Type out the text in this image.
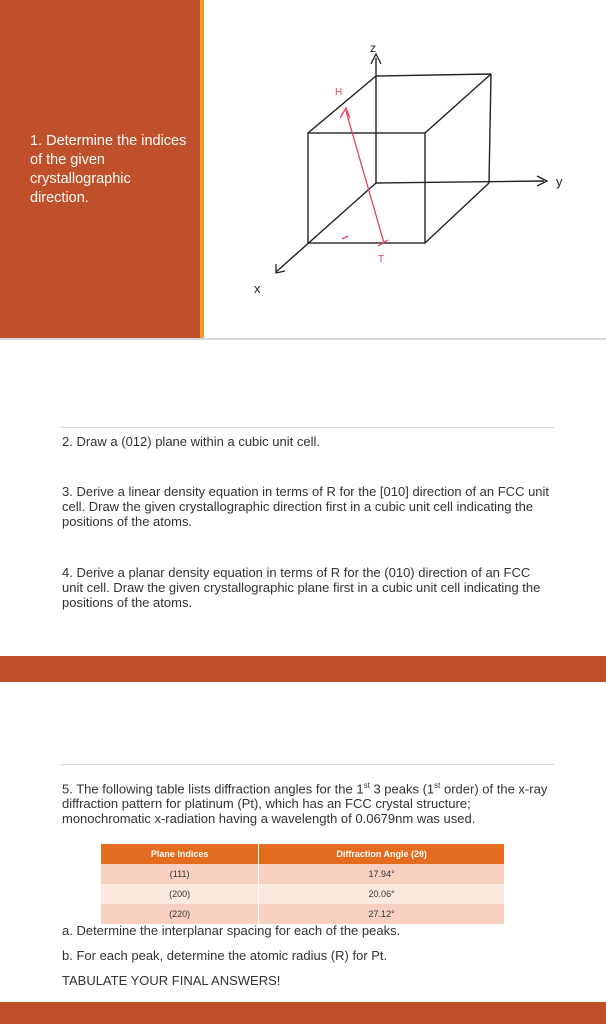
1. Determine the indices of the given crystallographic direction.
z
y
x
H
T
2. Draw a (012) plane within a cubic unit cell.
3. Derive a linear density equation in terms of R for the [010] direction of an FCC unit cell. Draw the given crystallographic direction first in a cubic unit cell indicating the positions of the atoms.
4. Derive a planar density equation in terms of R for the (010) direction of an FCC unit cell. Draw the given crystallographic plane first in a cubic unit cell indicating the positions of the atoms.
5. The following table lists diffraction angles for the 1st 3 peaks (1st order) of the x-ray diffraction pattern for platinum (Pt), which has an FCC crystal structure; monochromatic x-radiation having a wavelength of 0.0679nm was used.
Plane Indices	Diffraction Angle (2θ)
(111)	17.94°
(200)	20.06°
(220)	27.12°
a. Determine the interplanar spacing for each of the peaks.
b. For each peak, determine the atomic radius (R) for Pt.
TABULATE YOUR FINAL ANSWERS!
